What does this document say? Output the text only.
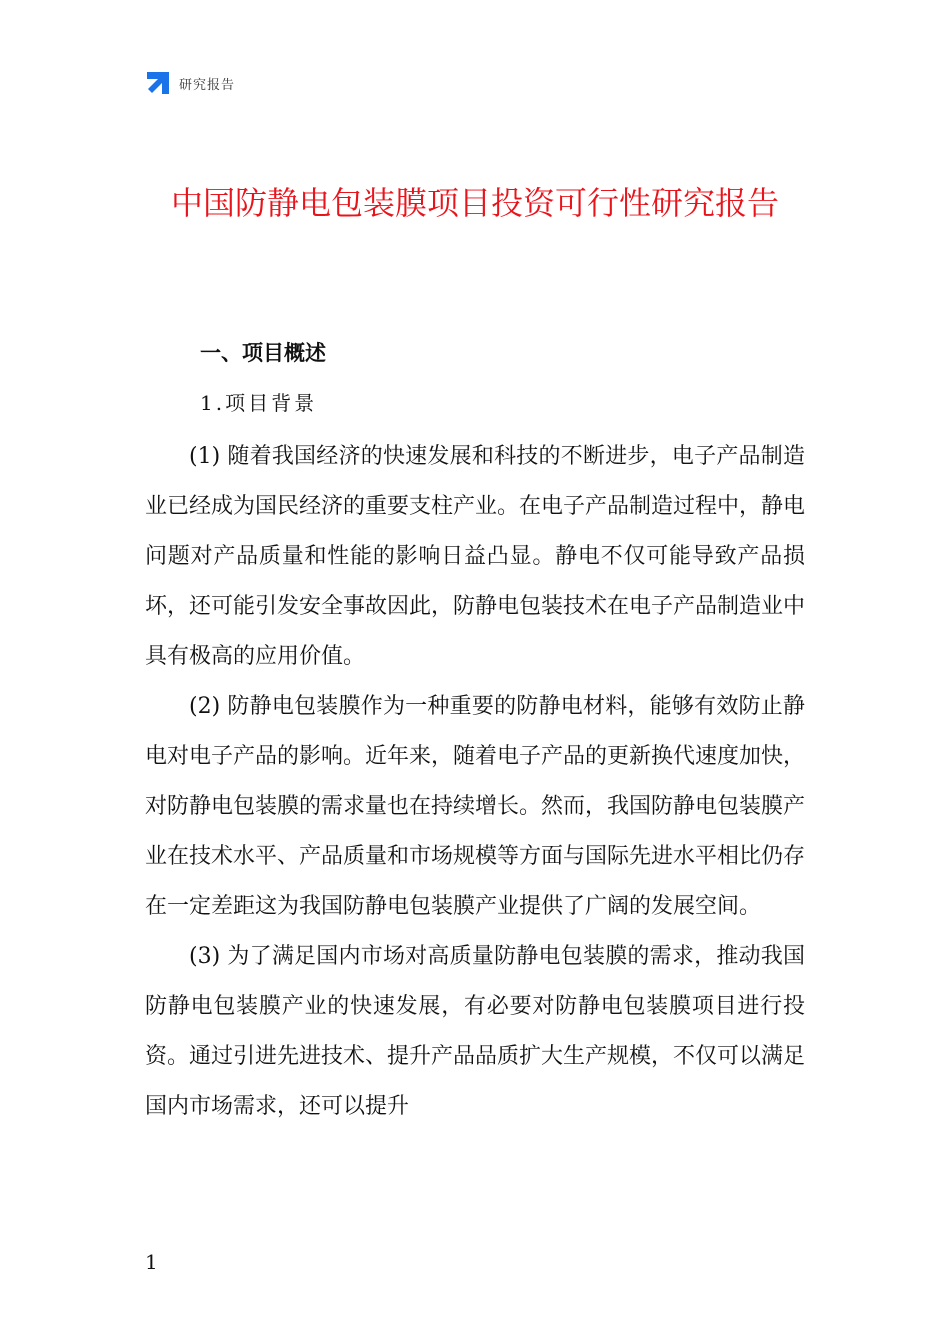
研究报告
中国防静电包装膜项目投资可行性研究报告
一、项目概述
1.项目背景

(1) 随着我国经济的快速发展和科技的不断进步，电子产品制造业已经成为国民经济的重要支柱产业。在电子产品制造过程中，静电问题对产品质量和性能的影响日益凸显。静电不仅可能导致产品损坏，还可能引发安全事故因此，防静电包装技术在电子产品制造业中具有极高的应用价值。

(2) 防静电包装膜作为一种重要的防静电材料，能够有效防止静电对电子产品的影响。近年来，随着电子产品的更新换代速度加快，对防静电包装膜的需求量也在持续增长。然而，我国防静电包装膜产业在技术水平、产品质量和市场规模等方面与国际先进水平相比仍存在一定差距这为我国防静电包装膜产业提供了广阔的发展空间。

(3) 为了满足国内市场对高质量防静电包装膜的需求，推动我国防静电包装膜产业的快速发展，有必要对防静电包装膜项目进行投资。通过引进先进技术、提升产品品质扩大生产规模，不仅可以满足国内市场需求，还可以提升

1
